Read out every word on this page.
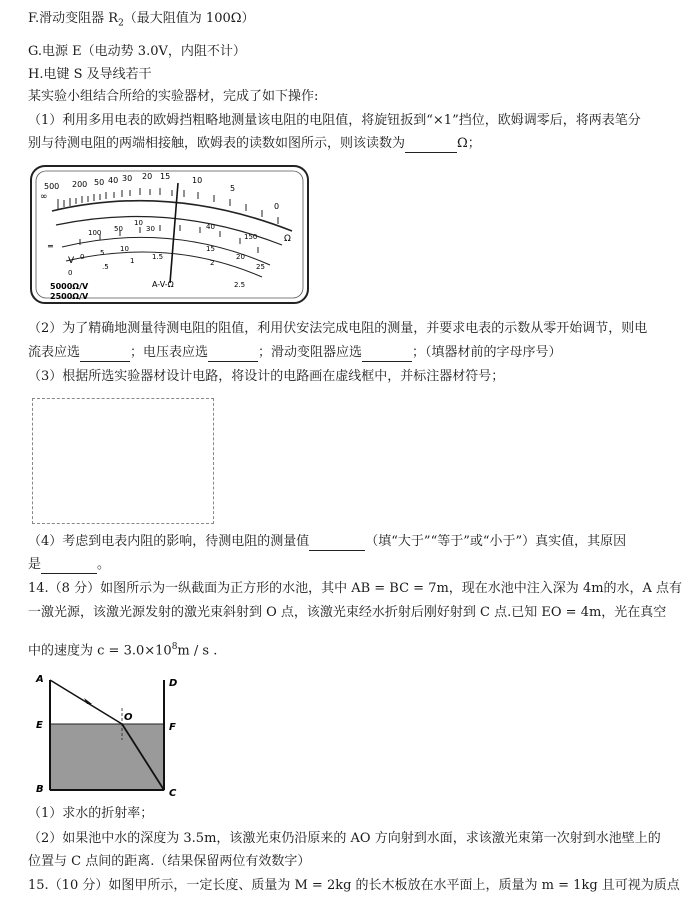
F.滑动变阻器 $R_2$（最大阻值为 100Ω）
G.电源 E（电动势 3.0V，内阻不计）
H.电键 S 及导线若干
某实验小组结合所给的实验器材，完成了如下操作:
（1）利用多用电表的欧姆挡粗略地测量该电阻的电阻值，将旋钮扳到“×1”挡位，欧姆调零后，将两表笔分
别与待测电阻的两端相接触，欧姆表的读数如图所示，则该读数为	Ω；
500
∞
200 50 40 30 20 15	10
5
0
Ω
100 50
10
30	40
150
0 5 10	15
20
25
0
.5
1	1.5
2
2.5
V
A-V-Ω
5000Ω/V
2500Ω/V
═
（2）为了精确地测量待测电阻的阻值，利用伏安法完成电阻的测量，并要求电表的示数从零开始调节，则电
流表应选	；电压表应选	；滑动变阻器应选	；（填器材前的字母序号）
（3）根据所选实验器材设计电路，将设计的电路画在虚线框中，并标注器材符号；
（4）考虑到电表内阻的影响，待测电阻的测量值	（填“大于”“等于”或“小于”）真实值，其原因
是	。
14.（8 分）如图所示为一纵截面为正方形的水池，其中 AB = BC = 7m，现在水池中注入深为 4m的水，A 点有
一激光源，该激光源发射的激光束斜射到 O 点，该激光束经水折射后刚好射到 C 点.已知 EO = 4m，光在真空
中的速度为 $c = 3.0\times 10^8m / s$ .
A
E
B
D
F
C
O
（1）求水的折射率；
（2）如果池中水的深度为 3.5m，该激光束仍沿原来的 AO 方向射到水面，求该激光束第一次射到水池壁上的
位置与 C 点间的距离.（结果保留两位有效数字）
15.（10 分）如图甲所示，一定长度、质量为 M = 2kg 的长木板放在水平面上，质量为 m = 1kg 且可视为质点
